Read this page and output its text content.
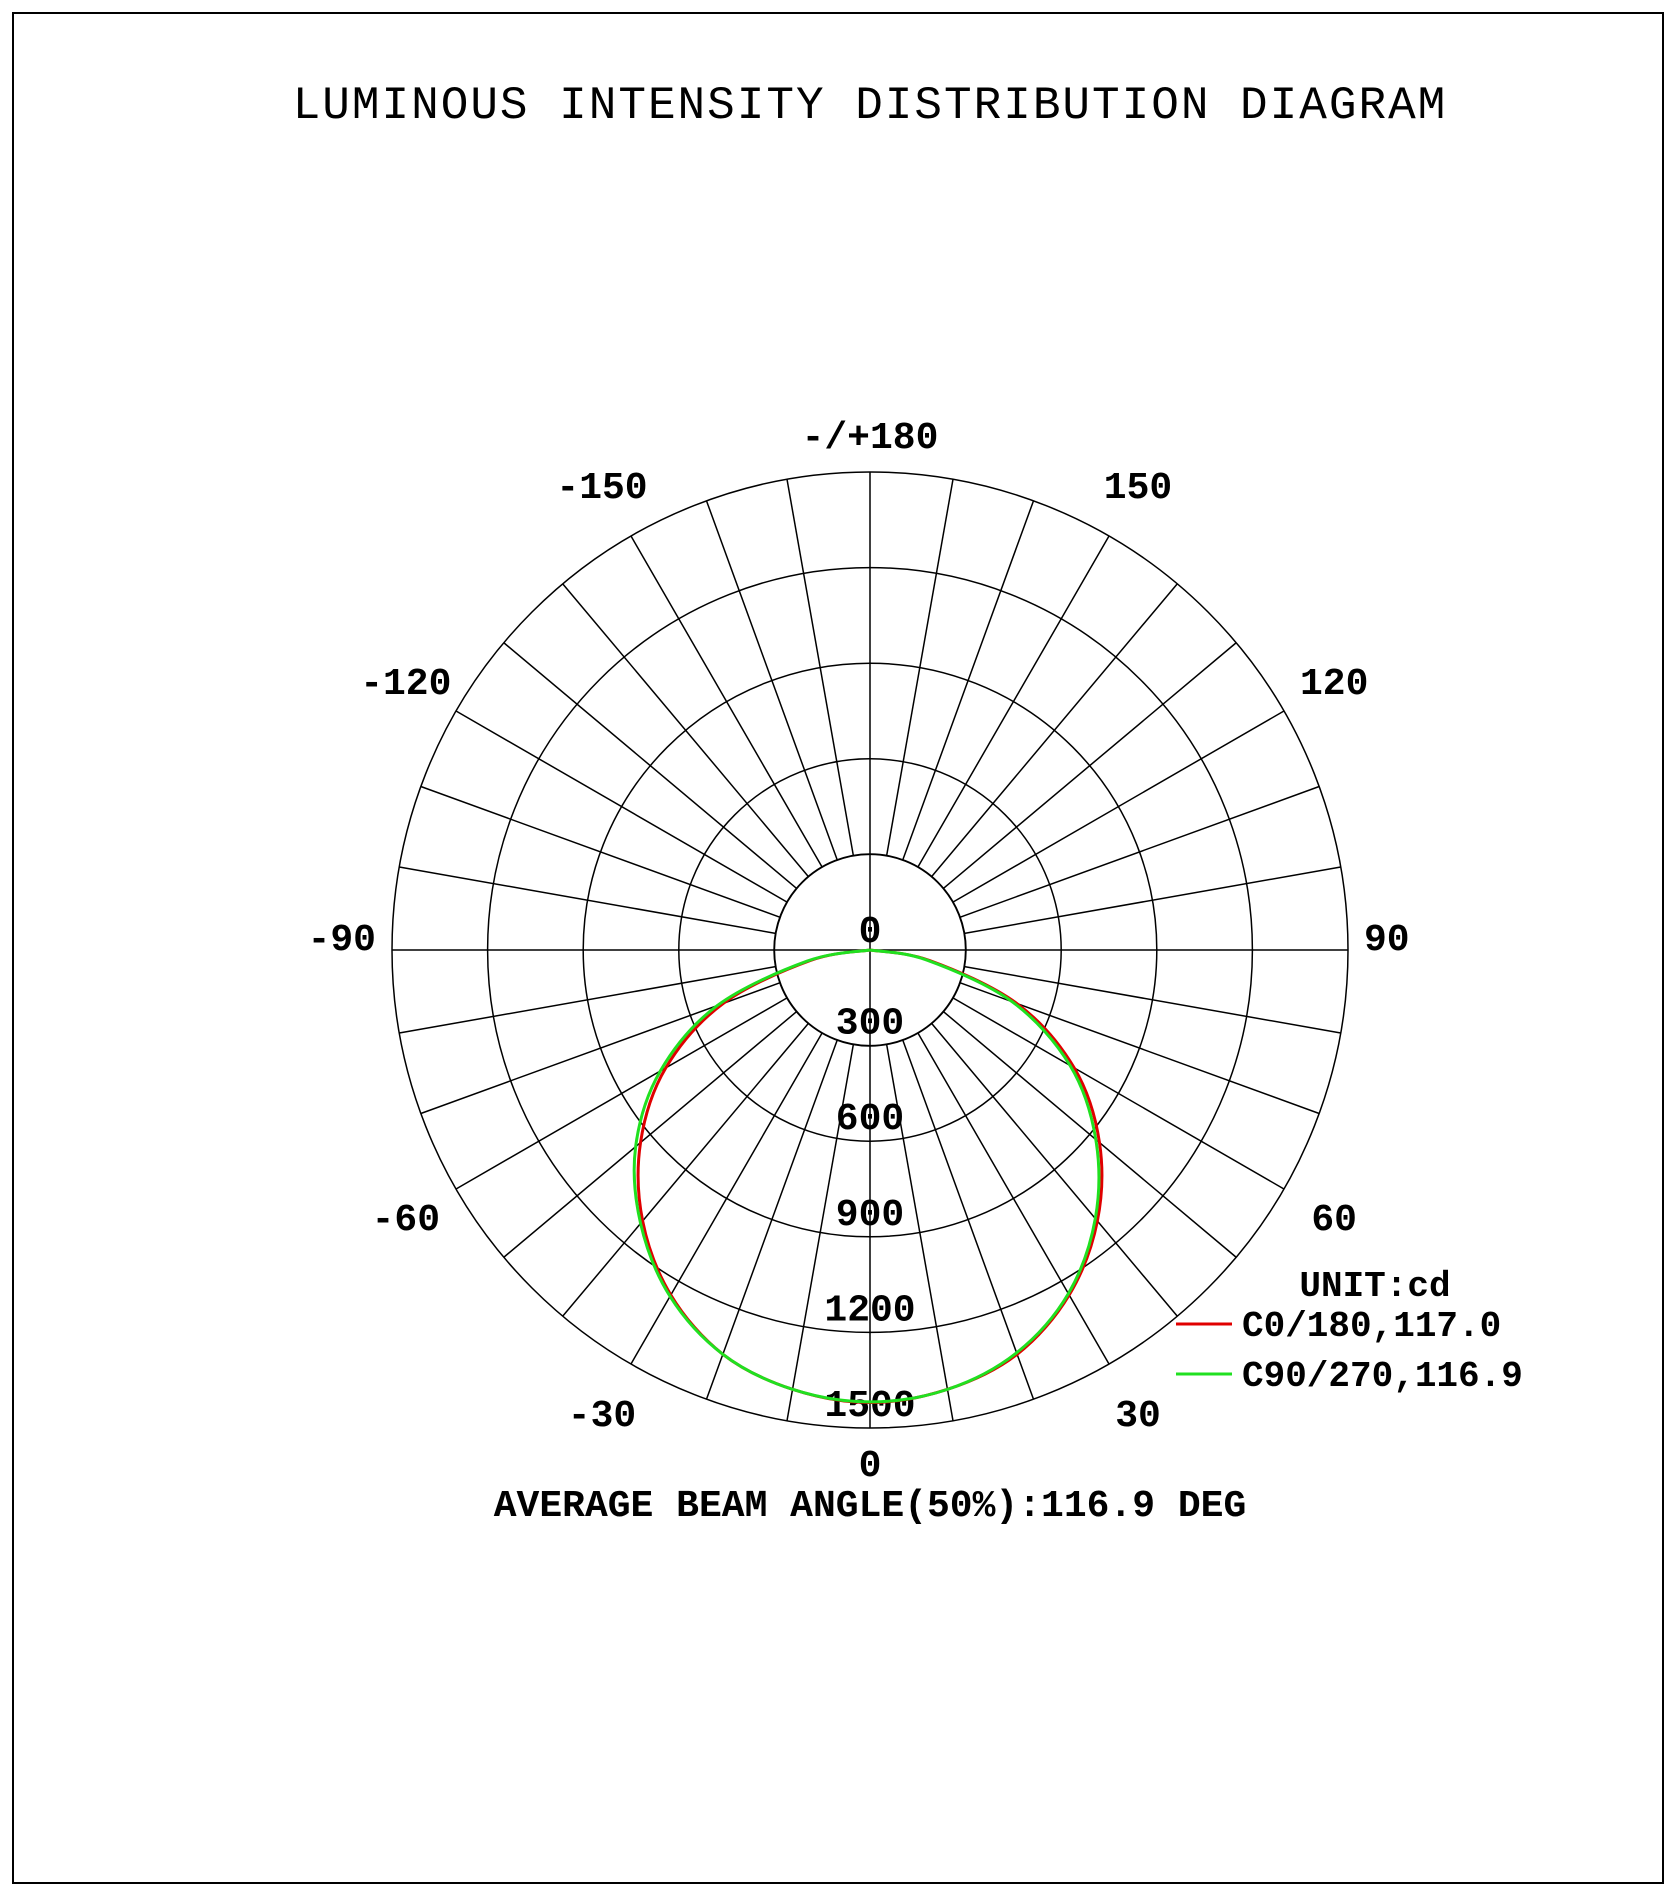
LUMINOUS INTENSITY DISTRIBUTION DIAGRAM
0
30
-30
60
-60
90
-90
120
-120
150
-150
-/+180
0
300
600
900
1200
1500
UNIT:cd
C0/180,117.0
C90/270,116.9
AVERAGE BEAM ANGLE(50%):116.9 DEG
